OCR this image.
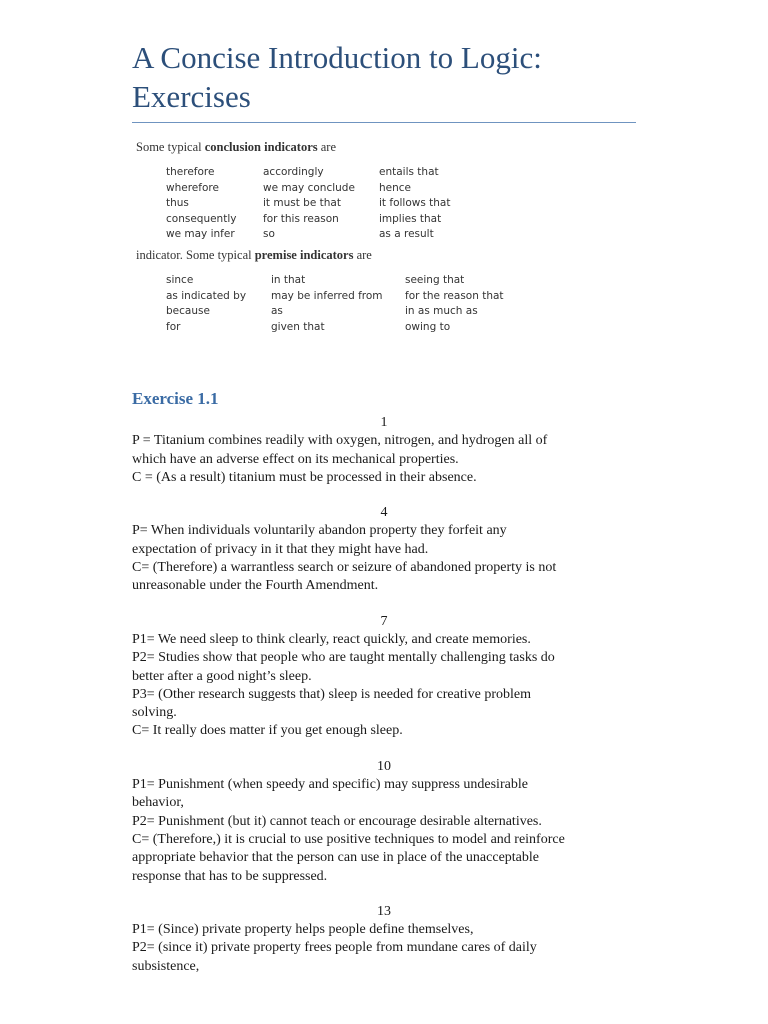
A Concise Introduction to Logic:
Exercises
Some typical conclusion indicators are
therefore
wherefore
thus
consequently
we may infer
accordingly
we may conclude
it must be that
for this reason
so
entails that
hence
it follows that
implies that
as a result
indicator. Some typical premise indicators are
since
as indicated by
because
for
in that
may be inferred from
as
given that
seeing that
for the reason that
in as much as
owing to
Exercise 1.1
1
P = Titanium combines readily with oxygen, nitrogen, and hydrogen all of
which have an adverse effect on its mechanical properties.
C = (As a result) titanium must be processed in their absence.
4
P= When individuals voluntarily abandon property they forfeit any
expectation of privacy in it that they might have had.
C= (Therefore) a warrantless search or seizure of abandoned property is not
unreasonable under the Fourth Amendment.
7
P1= We need sleep to think clearly, react quickly, and create memories.
P2= Studies show that people who are taught mentally challenging tasks do
better after a good night’s sleep.
P3= (Other research suggests that) sleep is needed for creative problem
solving.
C= It really does matter if you get enough sleep.
10
P1= Punishment (when speedy and specific) may suppress undesirable
behavior,
P2= Punishment (but it) cannot teach or encourage desirable alternatives.
C= (Therefore,) it is crucial to use positive techniques to model and reinforce
appropriate behavior that the person can use in place of the unacceptable
response that has to be suppressed.
13
P1= (Since) private property helps people define themselves,
P2= (since it) private property frees people from mundane cares of daily
subsistence,
